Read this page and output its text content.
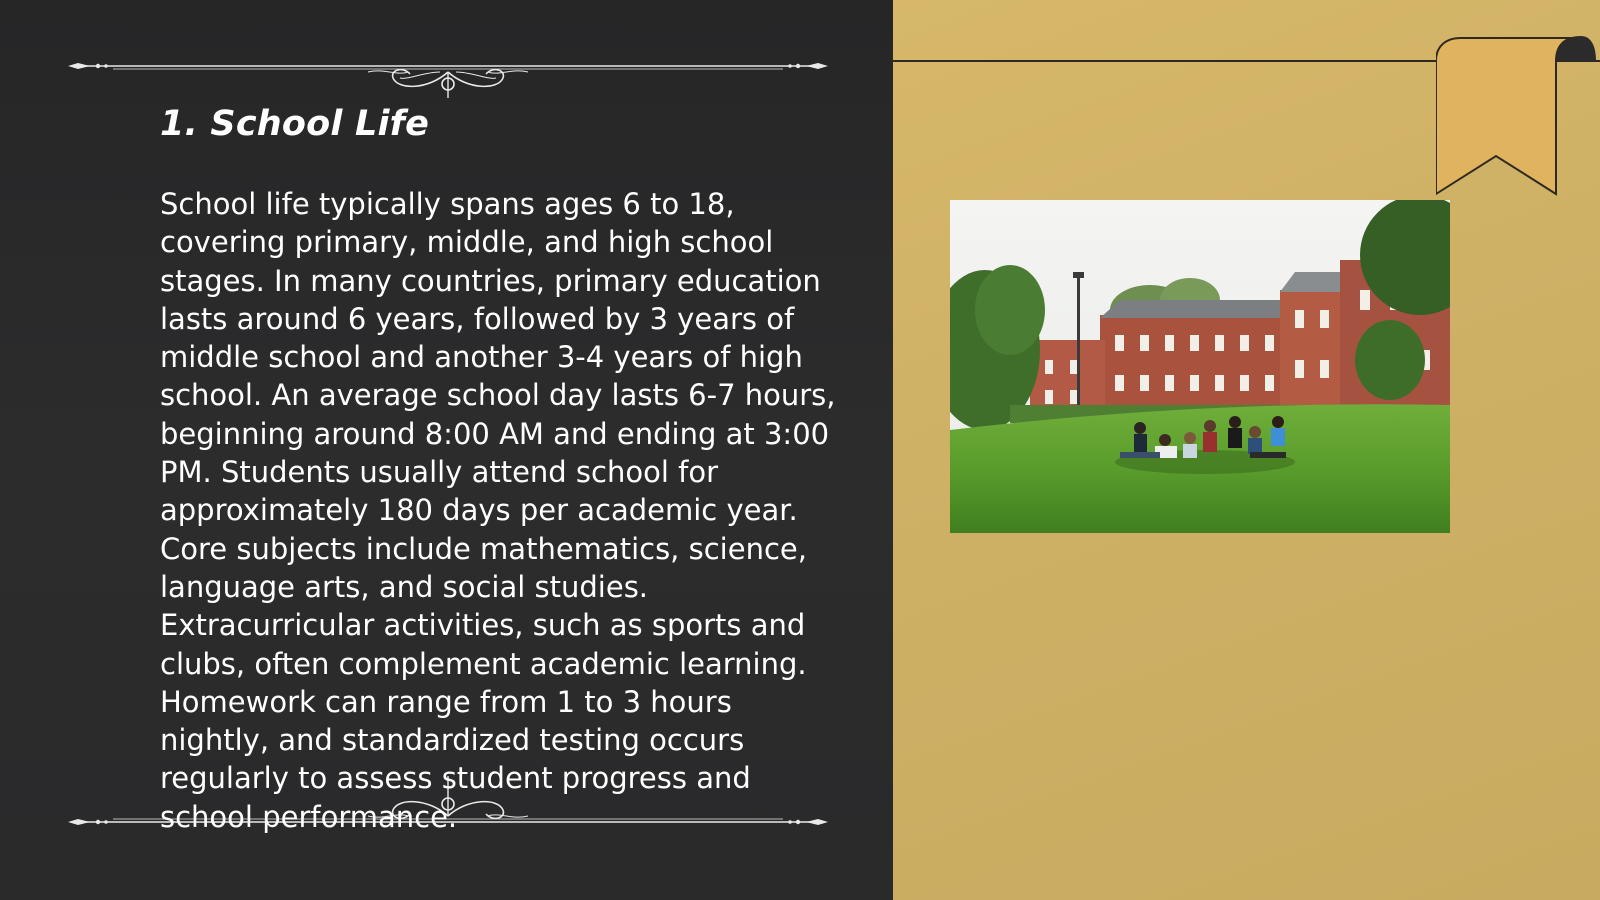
1. School Life

School life typically spans ages 6 to 18, covering primary, middle, and high school stages. In many countries, primary education lasts around 6 years, followed by 3 years of middle school and another 3-4 years of high school. An average school day lasts 6-7 hours, beginning around 8:00 AM and ending at 3:00 PM. Students usually attend school for approximately 180 days per academic year. Core subjects include mathematics, science, language arts, and social studies. Extracurricular activities, such as sports and clubs, often complement academic learning. Homework can range from 1 to 3 hours nightly, and standardized testing occurs regularly to assess student progress and school performance.
